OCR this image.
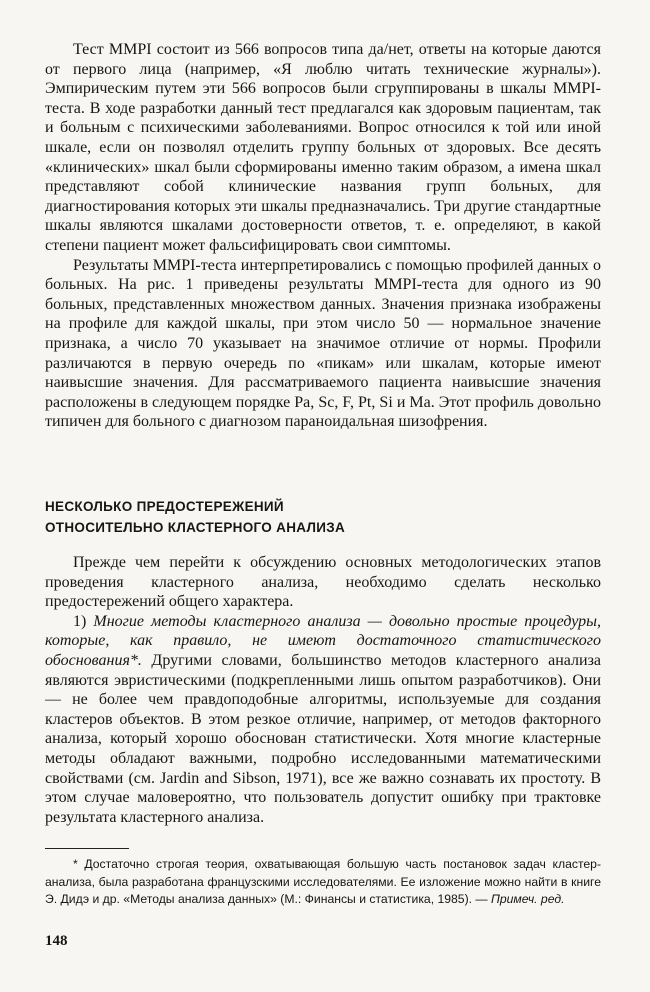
Тест MMPI состоит из 566 вопросов типа да/нет, ответы на которые даются от первого лица (например, «Я люблю читать технические журналы»). Эмпирическим путем эти 566 вопросов были сгруппированы в шкалы MMPI-теста. В ходе разработки данный тест предлагался как здоровым пациентам, так и больным с психическими заболеваниями. Вопрос относился к той или иной шкале, если он позволял отделить группу больных от здоровых. Все десять «клинических» шкал были сформированы именно таким образом, а имена шкал представляют собой клинические названия групп больных, для диагностирования которых эти шкалы предназначались. Три другие стандартные шкалы являются шкалами достоверности ответов, т. е. определяют, в какой степени пациент может фальсифицировать свои симптомы.

Результаты MMPI-теста интерпретировались с помощью профилей данных о больных. На рис. 1 приведены результаты MMPI-теста для одного из 90 больных, представленных множеством данных. Значения признака изображены на профиле для каждой шкалы, при этом число 50 — нормальное значение признака, а число 70 указывает на значимое отличие от нормы. Профили различаются в первую очередь по «пикам» или шкалам, которые имеют наивысшие значения. Для рассматриваемого пациента наивысшие значения расположены в следующем порядке Pa, Sc, F, Pt, Si и Ma. Этот профиль довольно типичен для больного с диагнозом параноидальная шизофрения.

НЕСКОЛЬКО ПРЕДОСТЕРЕЖЕНИЙ
ОТНОСИТЕЛЬНО КЛАСТЕРНОГО АНАЛИЗА

Прежде чем перейти к обсуждению основных методологических этапов проведения кластерного анализа, необходимо сделать несколько предостережений общего характера.

1) Многие методы кластерного анализа — довольно простые процедуры, которые, как правило, не имеют достаточного статистического обоснования*. Другими словами, большинство методов кластерного анализа являются эвристическими (подкрепленными лишь опытом разработчиков). Они — не более чем правдоподобные алгоритмы, используемые для создания кластеров объектов. В этом резкое отличие, например, от методов факторного анализа, который хорошо обоснован статистически. Хотя многие кластерные методы обладают важными, подробно исследованными математическими свойствами (см. Jardin and Sibson, 1971), все же важно сознавать их простоту. В этом случае маловероятно, что пользователь допустит ошибку при трактовке результата кластерного анализа.

* Достаточно строгая теория, охватывающая большую часть постановок задач кластер-анализа, была разработана французскими исследователями. Ее изложение можно найти в книге Э. Дидэ и др. «Методы анализа данных» (М.: Финансы и статистика, 1985). — Примеч. ред.

148
